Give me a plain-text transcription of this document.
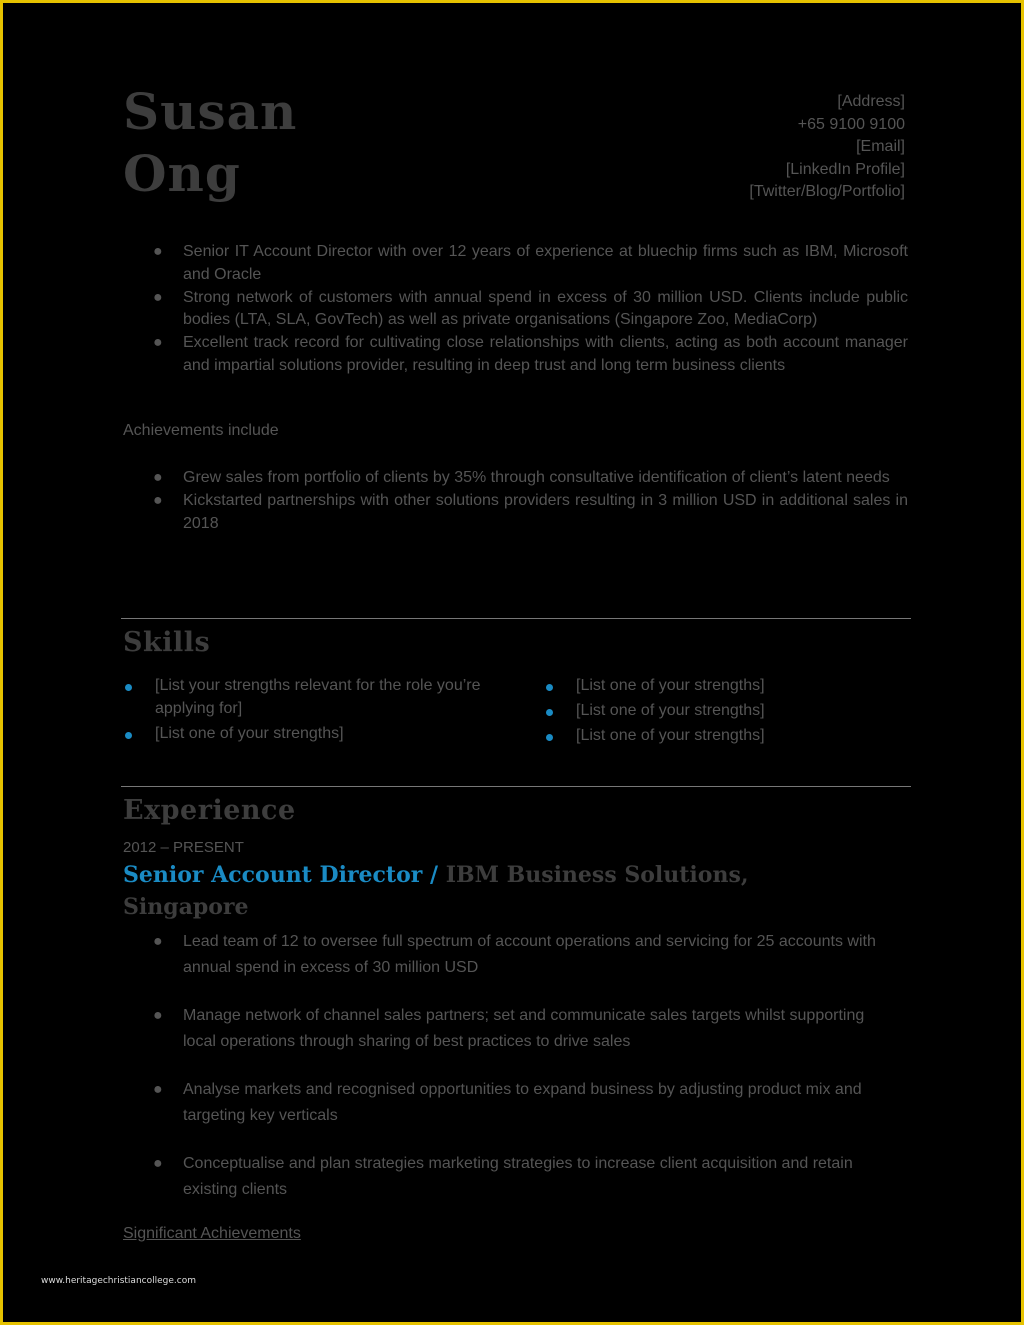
Susan
Ong
[Address]
+65 9100 9100
[Email]
[LinkedIn Profile]
[Twitter/Blog/Portfolio]
● Senior IT Account Director with over 12 years of experience at bluechip firms such as IBM, Microsoft and Oracle
● Strong network of customers with annual spend in excess of 30 million USD. Clients include public bodies (LTA, SLA, GovTech) as well as private organisations (Singapore Zoo, MediaCorp)
● Excellent track record for cultivating close relationships with clients, acting as both account manager and impartial solutions provider, resulting in deep trust and long term business clients
Achievements include
● Grew sales from portfolio of clients by 35% through consultative identification of client’s latent needs
● Kickstarted partnerships with other solutions providers resulting in 3 million USD in additional sales in 2018
Skills
[List your strengths relevant for the role you’re applying for]
[List one of your strengths]
[List one of your strengths]
[List one of your strengths]
[List one of your strengths]
Experience
2012 – PRESENT
Senior Account Director / IBM Business Solutions, Singapore
● Lead team of 12 to oversee full spectrum of account operations and servicing for 25 accounts with annual spend in excess of 30 million USD
● Manage network of channel sales partners; set and communicate sales targets whilst supporting local operations through sharing of best practices to drive sales
● Analyse markets and recognised opportunities to expand business by adjusting product mix and targeting key verticals
● Conceptualise and plan strategies marketing strategies to increase client acquisition and retain existing clients
Significant Achievements
www.heritagechristiancollege.com
